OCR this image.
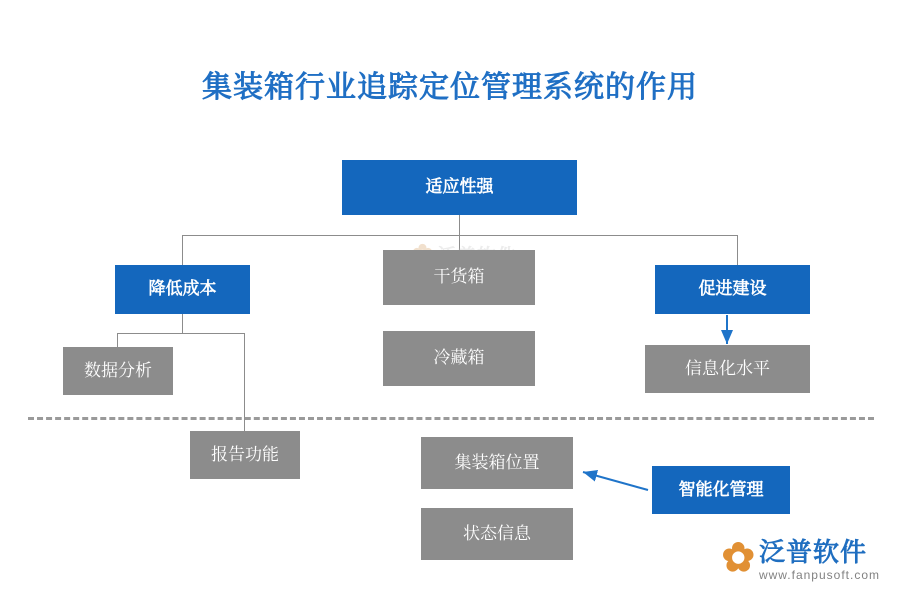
集装箱行业追踪定位管理系统的作用
适应性强
降低成本
干货箱
促进建设
数据分析
冷藏箱
信息化水平
报告功能	集装箱位置
智能化管理
状态信息
✿ 泛普软件
www.fanpusoft.com
